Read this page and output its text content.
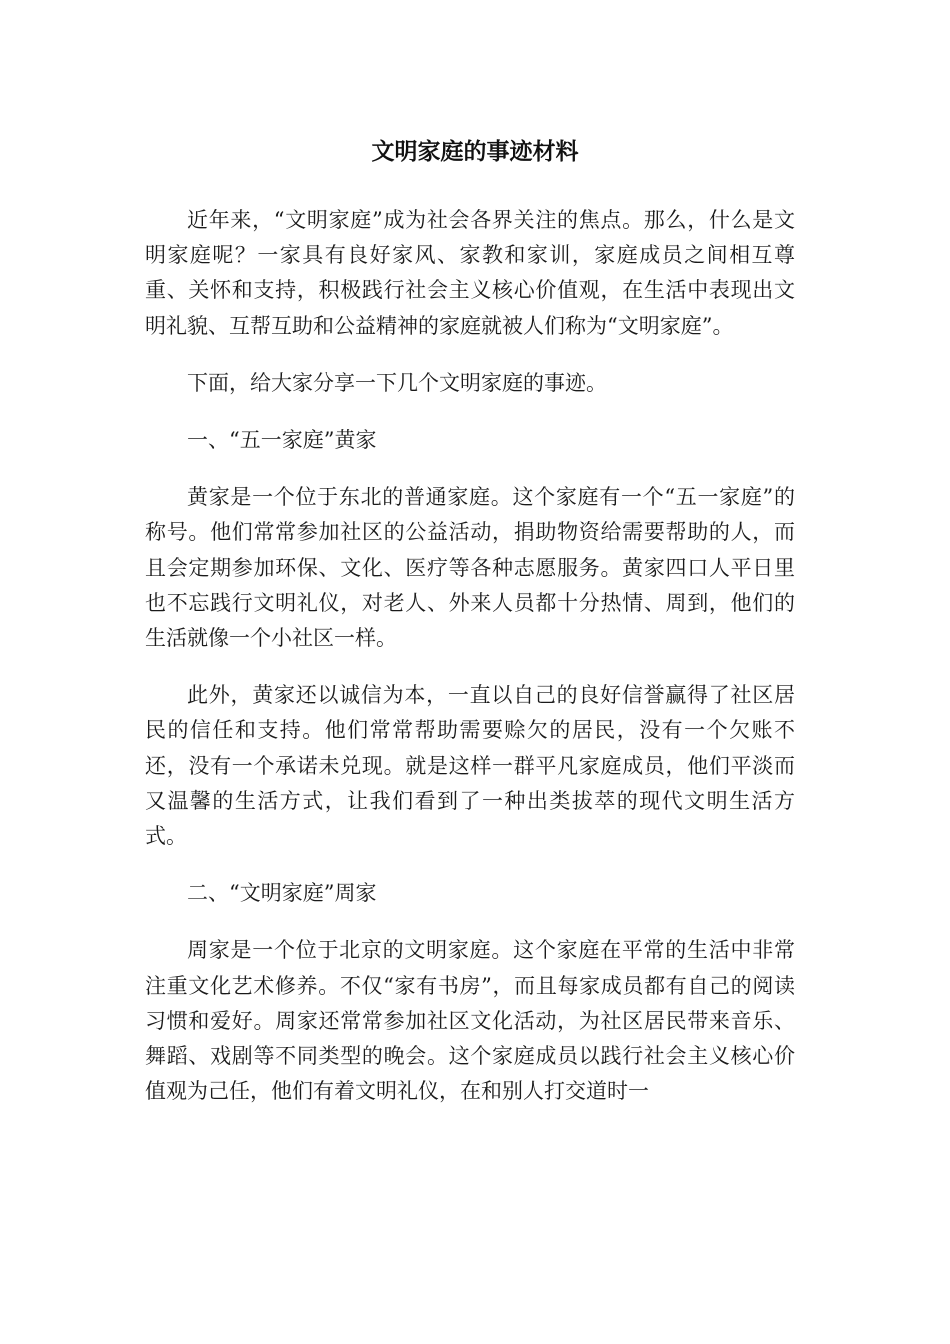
文明家庭的事迹材料

近年来，“文明家庭”成为社会各界关注的焦点。那么，什么是文明家庭呢？一家具有良好家风、家教和家训，家庭成员之间相互尊重、关怀和支持，积极践行社会主义核心价值观，在生活中表现出文明礼貌、互帮互助和公益精神的家庭就被人们称为“文明家庭”。

下面，给大家分享一下几个文明家庭的事迹。

一、“五一家庭”黄家

黄家是一个位于东北的普通家庭。这个家庭有一个“五一家庭”的称号。他们常常参加社区的公益活动，捐助物资给需要帮助的人，而且会定期参加环保、文化、医疗等各种志愿服务。黄家四口人平日里也不忘践行文明礼仪，对老人、外来人员都十分热情、周到，他们的生活就像一个小社区一样。

此外，黄家还以诚信为本，一直以自己的良好信誉赢得了社区居民的信任和支持。他们常常帮助需要赊欠的居民，没有一个欠账不还，没有一个承诺未兑现。就是这样一群平凡家庭成员，他们平淡而又温馨的生活方式，让我们看到了一种出类拔萃的现代文明生活方式。

二、“文明家庭”周家

周家是一个位于北京的文明家庭。这个家庭在平常的生活中非常注重文化艺术修养。不仅“家有书房”，而且每家成员都有自己的阅读习惯和爱好。周家还常常参加社区文化活动，为社区居民带来音乐、舞蹈、戏剧等不同类型的晚会。这个家庭成员以践行社会主义核心价值观为己任，他们有着文明礼仪，在和别人打交道时一
